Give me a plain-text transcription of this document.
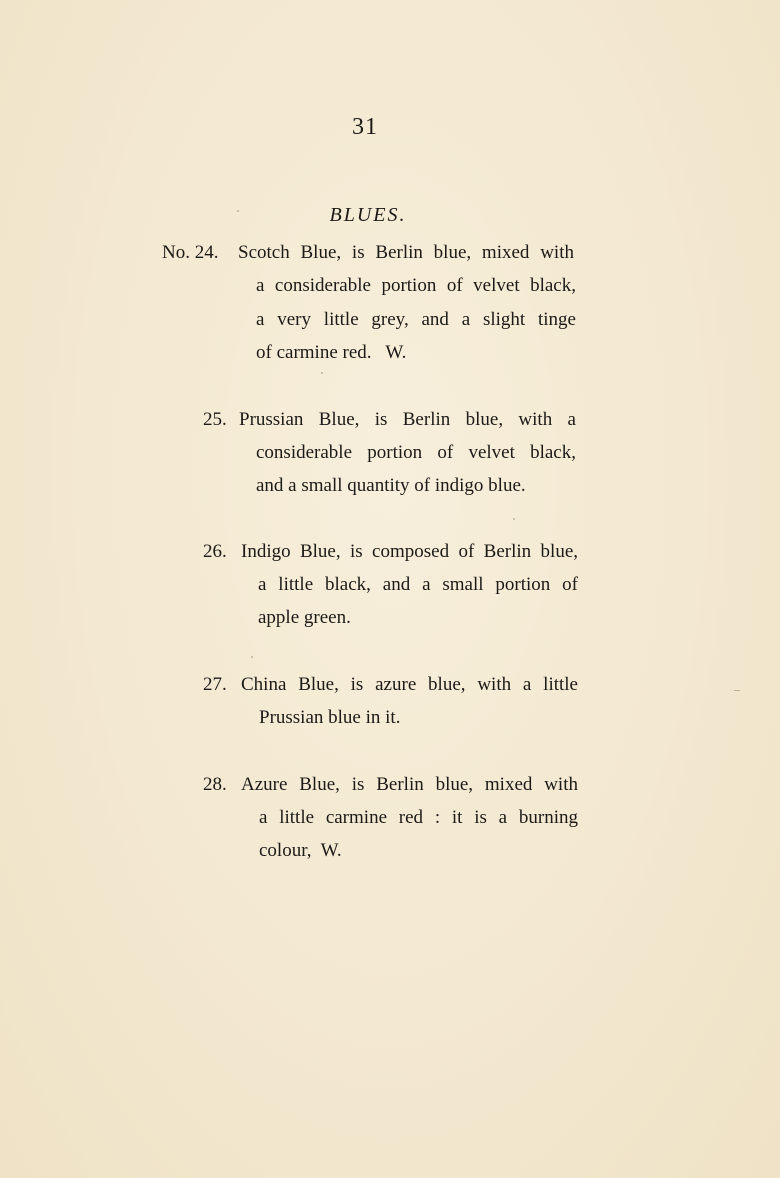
31
BLUES.
No. 24. Scotch Blue, is Berlin blue, mixed with
a considerable portion of velvet black,
a very little grey, and a slight tinge
of carmine red.   W.
25. Prussian Blue, is Berlin blue, with a
considerable portion of velvet black,
and a small quantity of indigo blue.
26. Indigo Blue, is composed of Berlin blue,
a little black, and a small portion of
apple green.
27. China Blue, is azure blue, with a little
Prussian blue in it.
28. Azure Blue, is Berlin blue, mixed with
a little carmine red : it is a burning
colour,  W.
